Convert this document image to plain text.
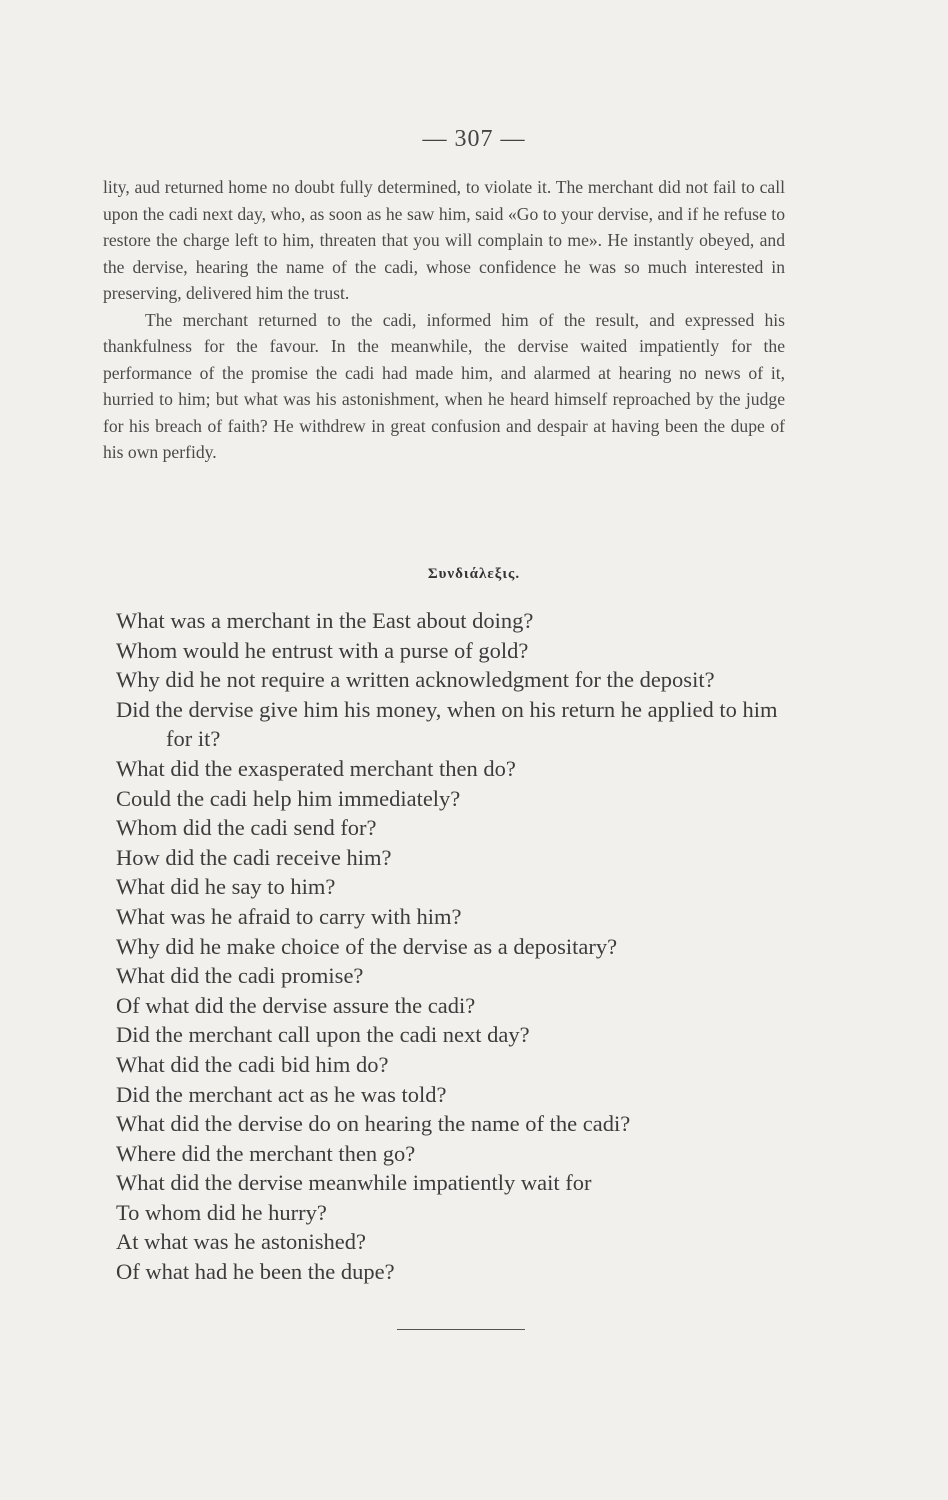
— 307 —

lity, aud returned home no doubt fully determined, to violate it. The merchant did not fail to call upon the cadi next day, who, as soon as he saw him, said «Go to your dervise, and if he refuse to restore the charge left to him, threaten that you will complain to me». He instantly obeyed, and the dervise, hearing the name of the cadi, whose confidence he was so much interested in preserving, delivered him the trust.

The merchant returned to the cadi, informed him of the result, and expressed his thankfulness for the favour. In the meanwhile, the dervise waited impatiently for the performance of the promise the cadi had made him, and alarmed at hearing no news of it, hurried to him; but what was his astonishment, when he heard himself reproached by the judge for his breach of faith? He withdrew in great confusion and despair at having been the dupe of his own perfidy.

Συνδιάλεξις.
What was a merchant in the East about doing?
Whom would he entrust with a purse of gold?
Why did he not require a written acknowledgment for the deposit?
Did the dervise give him his money, when on his return he applied to him for it?
What did the exasperated merchant then do?
Could the cadi help him immediately?
Whom did the cadi send for?
How did the cadi receive him?
What did he say to him?
What was he afraid to carry with him?
Why did he make choice of the dervise as a depositary?
What did the cadi promise?
Of what did the dervise assure the cadi?
Did the merchant call upon the cadi next day?
What did the cadi bid him do?
Did the merchant act as he was told?
What did the dervise do on hearing the name of the cadi?
Where did the merchant then go?
What did the dervise meanwhile impatiently wait for
To whom did he hurry?
At what was he astonished?
Of what had he been the dupe?
